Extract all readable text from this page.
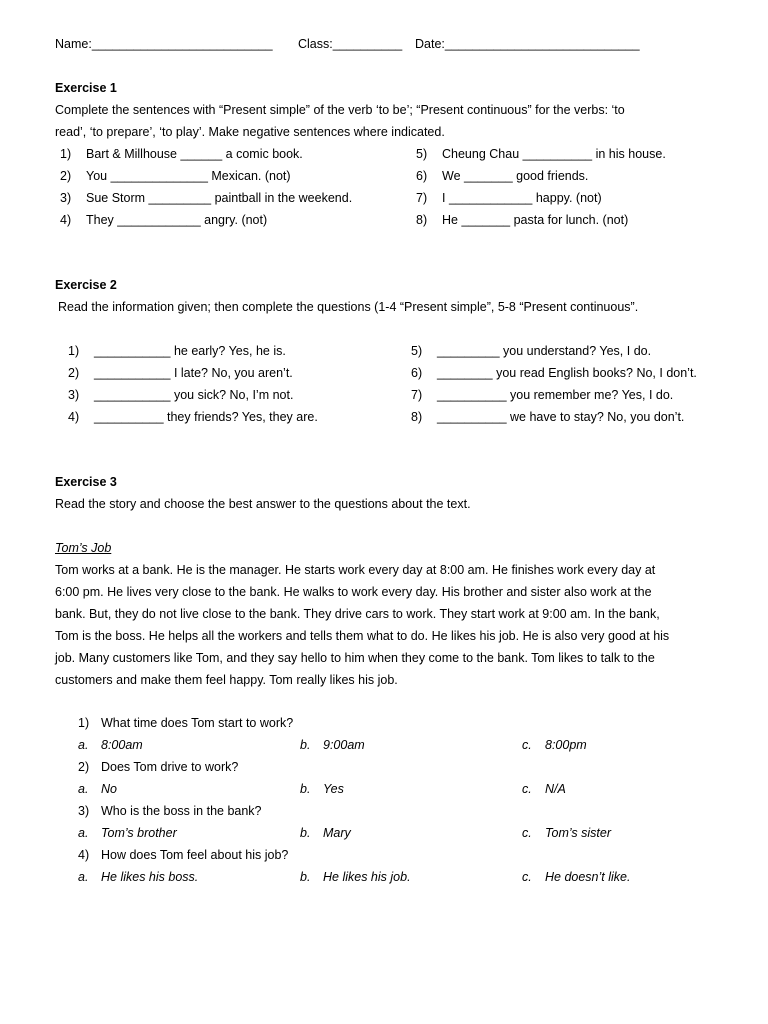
Name:__________________________ Class:__________ Date:____________________________
Exercise 1
Complete the sentences with “Present simple” of the verb ‘to be’; “Present continuous” for the verbs: ‘to
read’, ‘to prepare’, ‘to play’. Make negative sentences where indicated.
1) Bart & Millhouse ______ a comic book.
2) You ______________ Mexican. (not)
3) Sue Storm _________ paintball in the weekend.
4) They ____________ angry. (not)
5) Cheung Chau __________ in his house.
6) We _______ good friends.
7) I ____________ happy. (not)
8) He _______ pasta for lunch. (not)
Exercise 2
Read the information given; then complete the questions (1-4 “Present simple”, 5-8 “Present continuous”.
1) ___________ he early? Yes, he is.
2) ___________ I late? No, you aren’t.
3) ___________ you sick? No, I’m not.
4) __________ they friends? Yes, they are.
5) _________ you understand? Yes, I do.
6) ________ you read English books? No, I don’t.
7) __________ you remember me? Yes, I do.
8) __________ we have to stay? No, you don’t.
Exercise 3
Read the story and choose the best answer to the questions about the text.
Tom’s Job
Tom works at a bank. He is the manager. He starts work every day at 8:00 am. He finishes work every day at
6:00 pm. He lives very close to the bank. He walks to work every day. His brother and sister also work at the
bank. But, they do not live close to the bank. They drive cars to work. They start work at 9:00 am. In the bank,
Tom is the boss. He helps all the workers and tells them what to do. He likes his job. He is also very good at his
job. Many customers like Tom, and they say hello to him when they come to the bank. Tom likes to talk to the
customers and make them feel happy. Tom really likes his job.
1) What time does Tom start to work?
a. 8:00am	b. 9:00am	c. 8:00pm
2) Does Tom drive to work?
a. No	b. Yes	c. N/A
3) Who is the boss in the bank?
a. Tom’s brother	b. Mary	c. Tom’s sister
4) How does Tom feel about his job?
a. He likes his boss.	b. He likes his job.	c. He doesn’t like.
